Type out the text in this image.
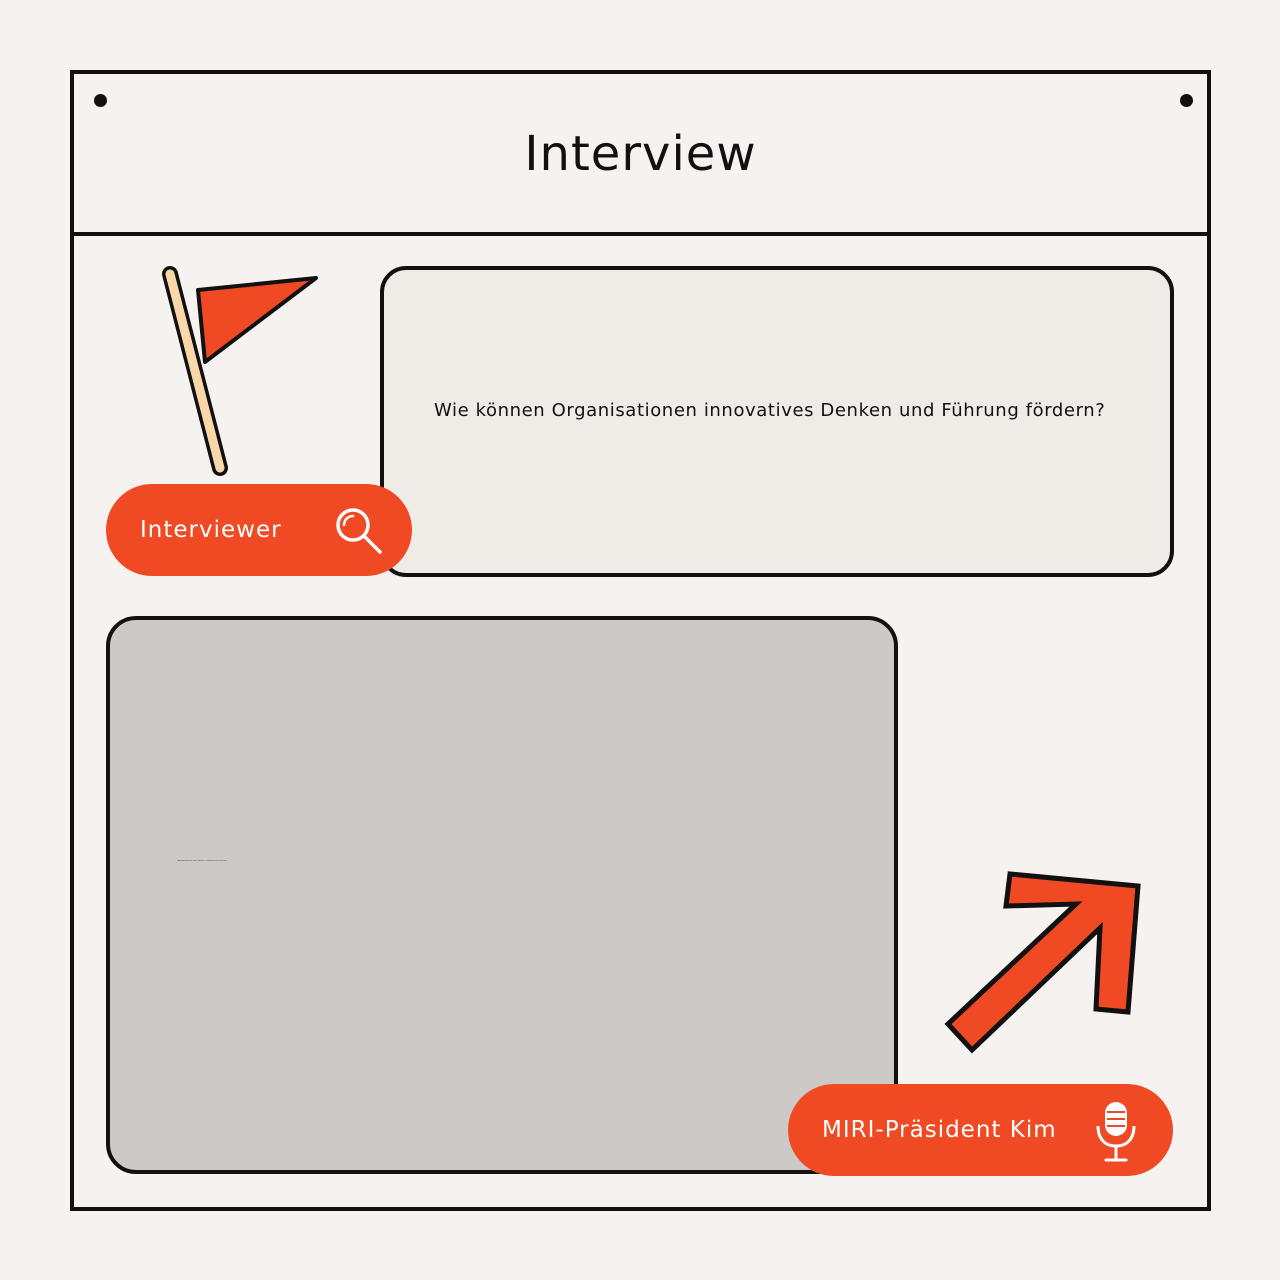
Interview
Wie können Organisationen innovatives Denken und Führung fördern?
Interviewer
[Antworttext in sehr kleiner, unleserlicher Schrift]
MIRI-Präsident Kim
